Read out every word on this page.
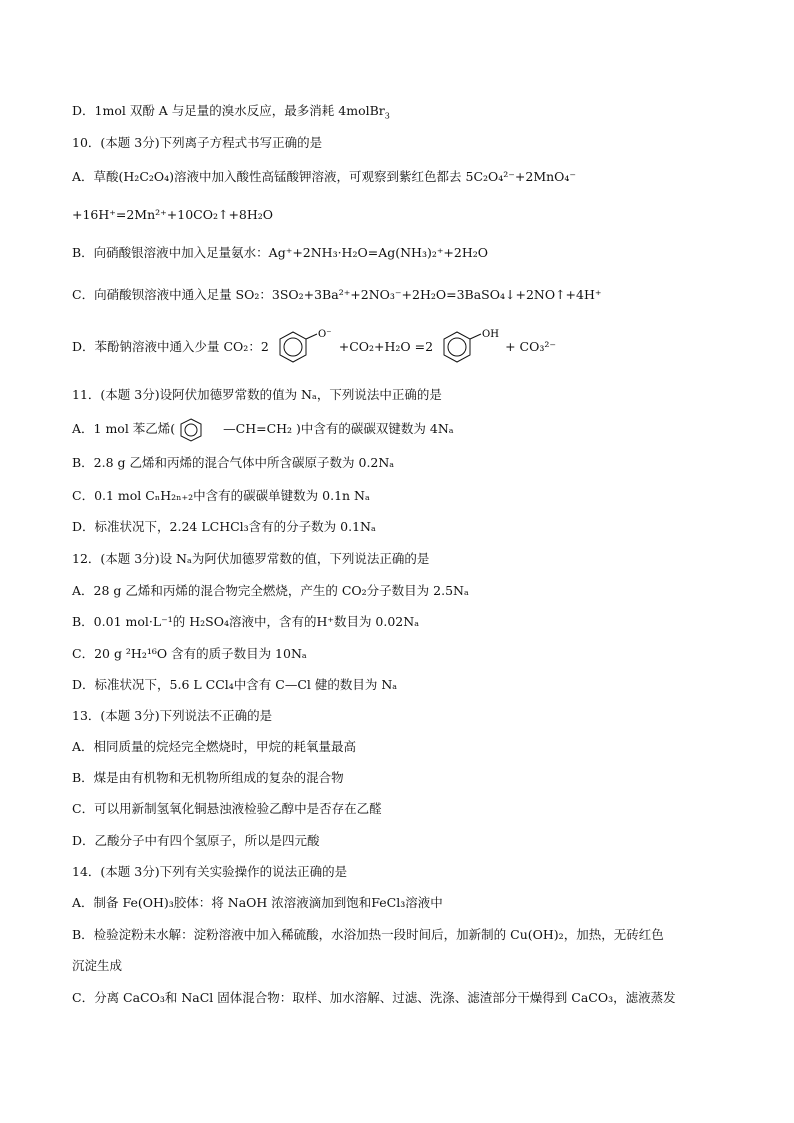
D．1mol 双酚 A 与足量的溴水反应，最多消耗 4molBr$_3$
10．(本题 3分)下列离子方程式书写正确的是
A．草酸(H₂C₂O₄)溶液中加入酸性高锰酸钾溶液，可观察到紫红色都去 5C₂O₄²⁻+2MnO₄⁻
+16H⁺=2Mn²⁺+10CO₂↑+8H₂O
B．向硝酸银溶液中加入足量氨水：Ag⁺+2NH₃·H₂O=Ag(NH₃)₂⁺+2H₂O
C．向硝酸钡溶液中通入足量 SO₂：3SO₂+3Ba²⁺+2NO₃⁻+2H₂O=3BaSO₄↓+2NO↑+4H⁺
D．苯酚钠溶液中通入少量 CO₂：2
O⁻
+CO₂+H₂O =2
OH
+ CO₃²⁻
11．(本题 3分)设阿伏加德罗常数的值为 Nₐ，下列说法中正确的是
A．1 mol 苯乙烯(	—CH=CH₂ )中含有的碳碳双键数为 4Nₐ
B．2.8 g 乙烯和丙烯的混合气体中所含碳原子数为 0.2Nₐ
C．0.1 mol CₙH₂ₙ₊₂中含有的碳碳单键数为 0.1n Nₐ
D．标准状况下，2.24 LCHCl₃含有的分子数为 0.1Nₐ
12．(本题 3分)设 Nₐ为阿伏加德罗常数的值，下列说法正确的是
A．28 g 乙烯和丙烯的混合物完全燃烧，产生的 CO₂分子数目为 2.5Nₐ
B．0.01 mol·L⁻¹的 H₂SO₄溶液中，含有的H⁺数目为 0.02Nₐ
C．20 g ²H₂¹⁶O 含有的质子数目为 10Nₐ
D．标准状况下，5.6 L CCl₄中含有 C—Cl 健的数目为 Nₐ
13．(本题 3分)下列说法不正确的是
A．相同质量的烷烃完全燃烧时，甲烷的耗氧量最高
B．煤是由有机物和无机物所组成的复杂的混合物
C．可以用新制氢氧化铜悬浊液检验乙醇中是否存在乙醛
D．乙酸分子中有四个氢原子，所以是四元酸
14．(本题 3分)下列有关实验操作的说法正确的是
A．制备 Fe(OH)₃胶体：将 NaOH 浓溶液滴加到饱和FeCl₃溶液中
B．检验淀粉未水解：淀粉溶液中加入稀硫酸，水浴加热一段时间后，加新制的 Cu(OH)₂，加热，无砖红色
沉淀生成
C．分离 CaCO₃和 NaCl 固体混合物：取样、加水溶解、过滤、洗涤、滤渣部分干燥得到 CaCO₃，滤液蒸发
